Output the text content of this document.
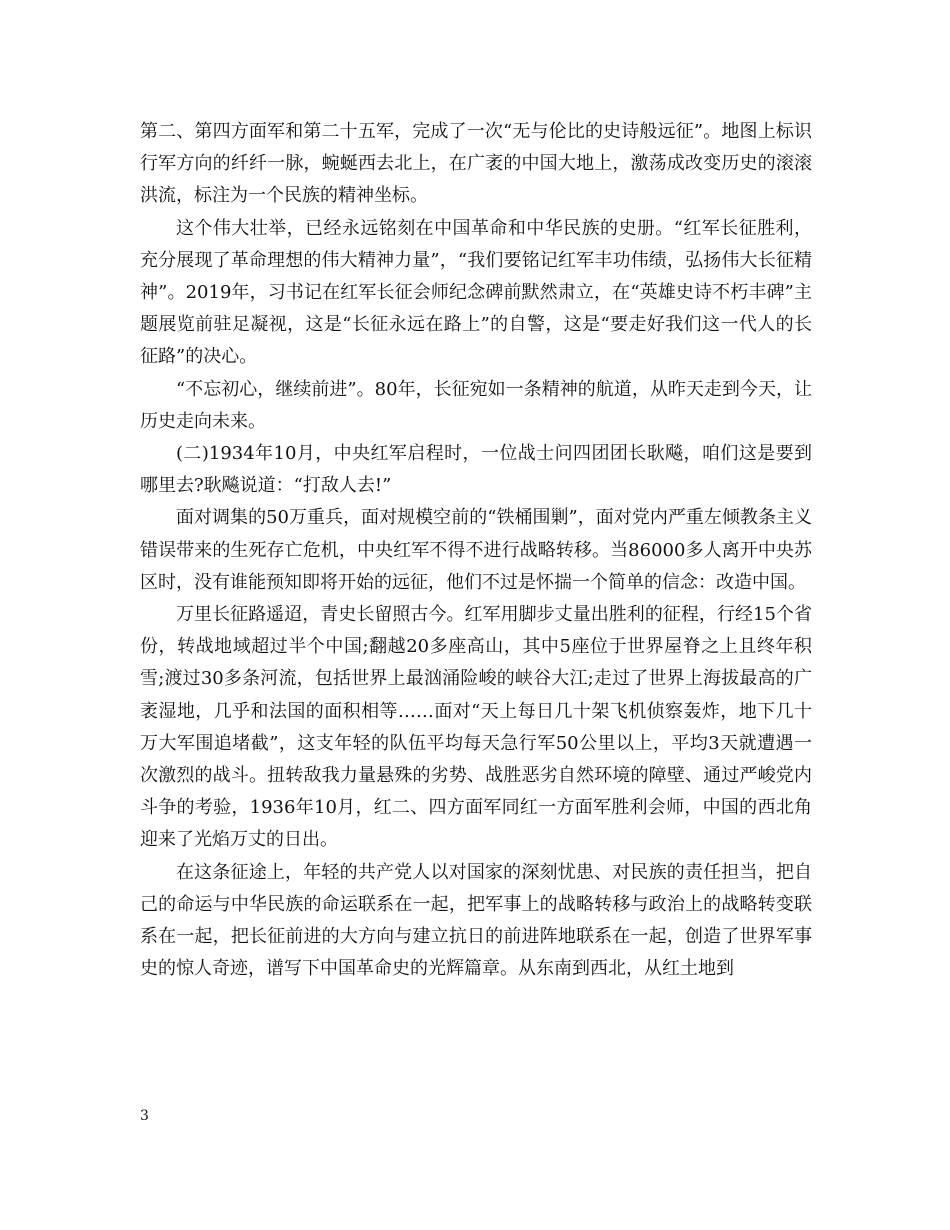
第二、第四方面军和第二十五军，完成了一次“无与伦比的史诗般远征”。地图上标识行军方向的纤纤一脉，蜿蜒西去北上，在广袤的中国大地上，激荡成改变历史的滚滚洪流，标注为一个民族的精神坐标。

这个伟大壮举，已经永远铭刻在中国革命和中华民族的史册。“红军长征胜利，充分展现了革命理想的伟大精神力量”，“我们要铭记红军丰功伟绩，弘扬伟大长征精神”。2019年，习书记在红军长征会师纪念碑前默然肃立，在“英雄史诗不朽丰碑”主题展览前驻足凝视，这是“长征永远在路上”的自警，这是“要走好我们这一代人的长征路”的决心。

“不忘初心，继续前进”。80年，长征宛如一条精神的航道，从昨天走到今天，让历史走向未来。

(二)1934年10月，中央红军启程时，一位战士问四团团长耿飚，咱们这是要到哪里去?耿飚说道：“打敌人去!”

面对调集的50万重兵，面对规模空前的“铁桶围剿”，面对党内严重左倾教条主义错误带来的生死存亡危机，中央红军不得不进行战略转移。当86000多人离开中央苏区时，没有谁能预知即将开始的远征，他们不过是怀揣一个简单的信念：改造中国。

万里长征路遥迢，青史长留照古今。红军用脚步丈量出胜利的征程，行经15个省份，转战地域超过半个中国;翻越20多座高山，其中5座位于世界屋脊之上且终年积雪;渡过30多条河流，包括世界上最汹涌险峻的峡谷大江;走过了世界上海拔最高的广袤湿地，几乎和法国的面积相等……面对“天上每日几十架飞机侦察轰炸，地下几十万大军围追堵截”，这支年轻的队伍平均每天急行军50公里以上，平均3天就遭遇一次激烈的战斗。扭转敌我力量悬殊的劣势、战胜恶劣自然环境的障壁、通过严峻党内斗争的考验，1936年10月，红二、四方面军同红一方面军胜利会师，中国的西北角迎来了光焰万丈的日出。

在这条征途上，年轻的共产党人以对国家的深刻忧患、对民族的责任担当，把自己的命运与中华民族的命运联系在一起，把军事上的战略转移与政治上的战略转变联系在一起，把长征前进的大方向与建立抗日的前进阵地联系在一起，创造了世界军事史的惊人奇迹，谱写下中国革命史的光辉篇章。从东南到西北，从红土地到

3
